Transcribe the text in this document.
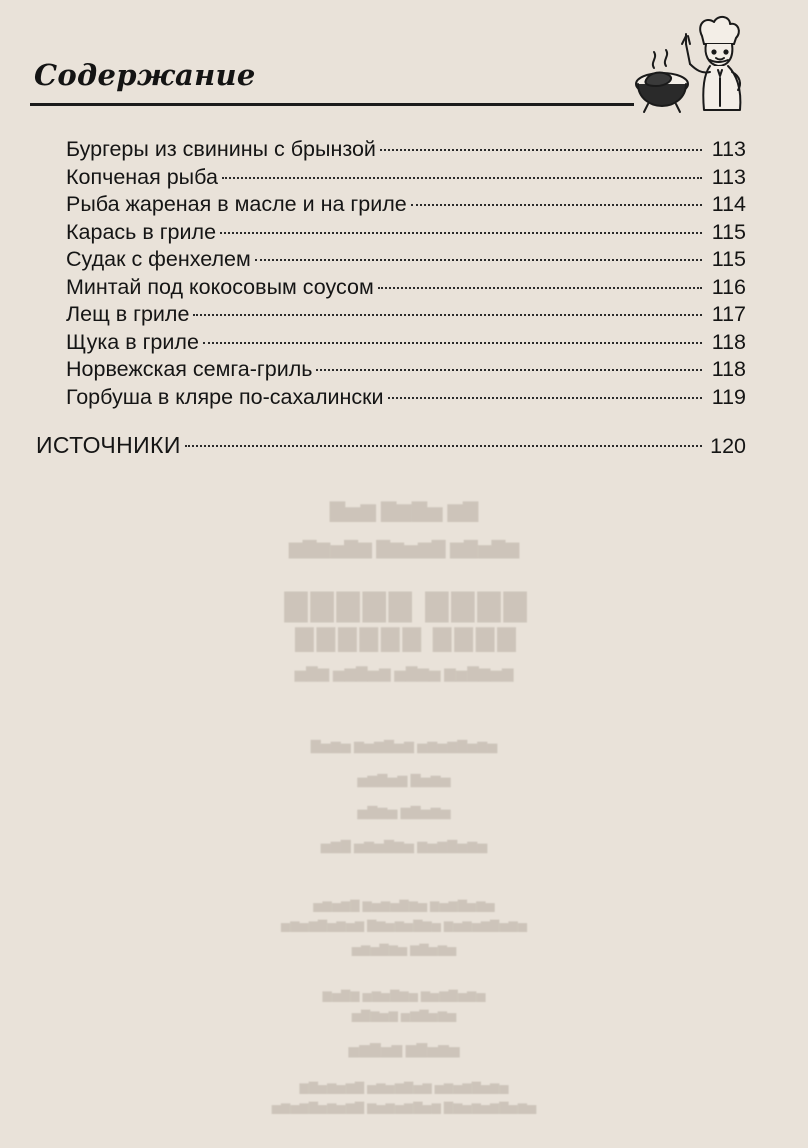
▇▆ ▅▇▆▇ ▆▅▇
▆▇▅▇▆ ▇▆▅▆▇ ▆▇▅▆▇▆
▇▇▇▇ ▇▇▇▇▇
▇▇▇▇ ▇▇▇▇▇▇
▆▅▆▇▅▆ ▅▆▇▅ ▆▅▇▆▅ ▆▇▅
▅▆▅▇▆▅▆▅ ▆▅▇▆▅▆ ▅▆▅▇
▅▆▅▇ ▆▅▇▆▅
▅▆▅▇▆ ▅▆▇▅
▅▆▅▇▆▅▆ ▅▆▇▅▆▅ ▇▆▅
▅▆▅▇▆▅▆ ▅▆▇▅▆▅▆ ▇▆▅▆▅
▅▆▅▇▆▅▆▅▆ ▅▆▇▅▆▅▆▇ ▆▅▆▅▇▆▅▆▅
▅▆▅▇▆ ▅▆▇▅▆▅
▅▆▅▇▆▅▆ ▅▆▇▅▆▅ ▆▇▅▆
▅▆▅▇▆▅ ▆▅▆▇▅
▅▆▅▇▆ ▆▅▇▆▅
▅▆▅▇▆▅▆▅ ▆▅▇▆▅▆▅ ▇▆▅▆▅▇▆
▅▆▅▇▆▅▆▅▆▇ ▆▅▇▆▅▆▅▆ ▇▆▅▆▅▇▆▅▆▅
Содержание
Бургеры из свинины с брынзой	113
Копченая рыба	113
Рыба жареная в масле и на гриле	114
Карась в гриле	115
Судак с фенхелем	115
Минтай под кокосовым соусом	116
Лещ в гриле	117
Щука в гриле	118
Норвежская семга-гриль	118
Горбуша в кляре по-сахалински	119
ИСТОЧНИКИ	120
